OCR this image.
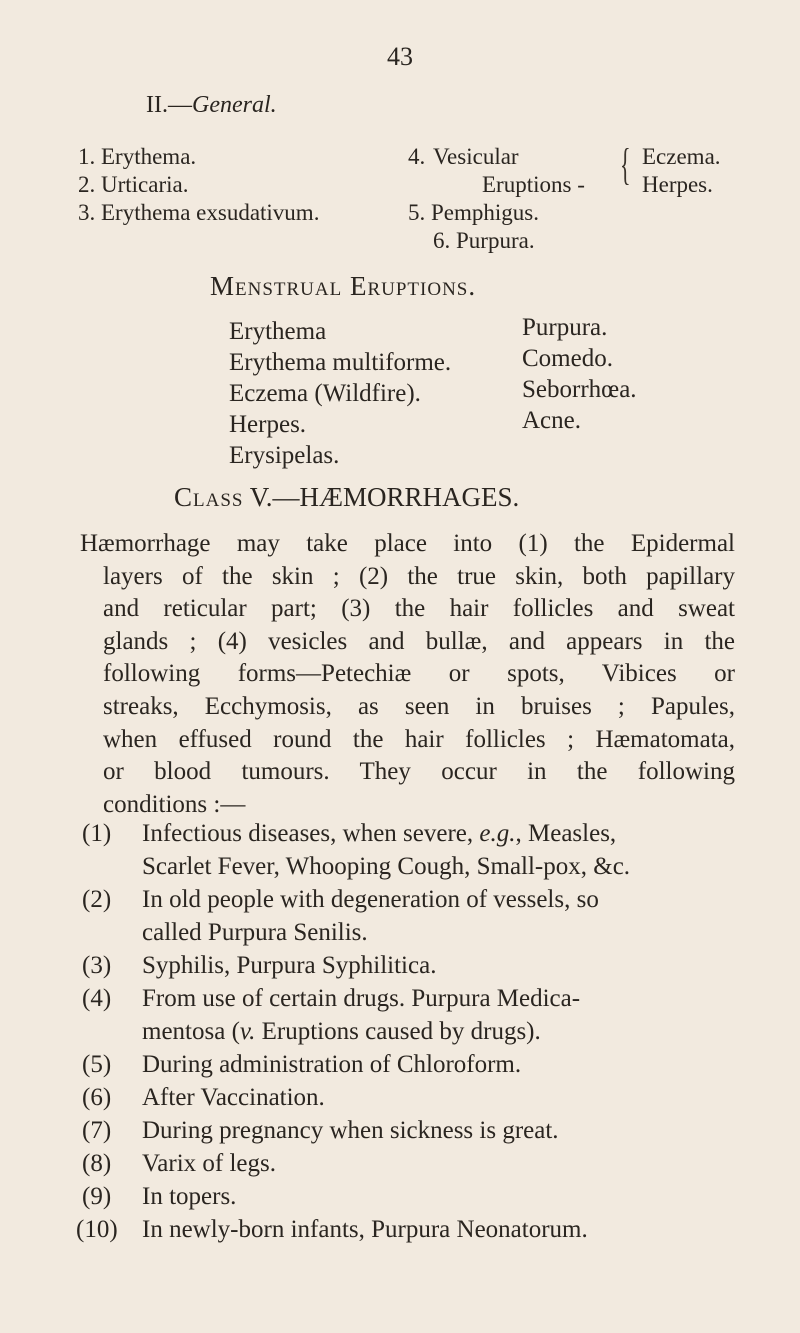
43
II.—General.
1. Erythema.
2. Urticaria.
3. Erythema exsudativum.
4. Vesicular
Eruptions - { Eczema.
Herpes.
5. Pemphigus.
6. Purpura.
Menstrual Eruptions.
Erythema
Erythema multiforme.
Eczema (Wildfire).
Herpes.
Erysipelas.
Purpura.
Comedo.
Seborrhœa.
Acne.
Class V.—HÆMORRHAGES.
Hæmorrhage may take place into (1) the Epidermal
layers of the skin ; (2) the true skin, both papillary
and reticular part; (3) the hair follicles and sweat
glands ; (4) vesicles and bullæ, and appears in the
following forms—Petechiæ or spots, Vibices or
streaks, Ecchymosis, as seen in bruises ; Papules,
when effused round the hair follicles ; Hæmatomata,
or blood tumours. They occur in the following
conditions :—
(1) Infectious diseases, when severe, e.g., Measles,
Scarlet Fever, Whooping Cough, Small-pox, &c.
(2) In old people with degeneration of vessels, so
called Purpura Senilis.
(3) Syphilis, Purpura Syphilitica.
(4) From use of certain drugs. Purpura Medica-
mentosa (v. Eruptions caused by drugs).
(5) During administration of Chloroform.
(6) After Vaccination.
(7) During pregnancy when sickness is great.
(8) Varix of legs.
(9) In topers.
(10) In newly-born infants, Purpura Neonatorum.
